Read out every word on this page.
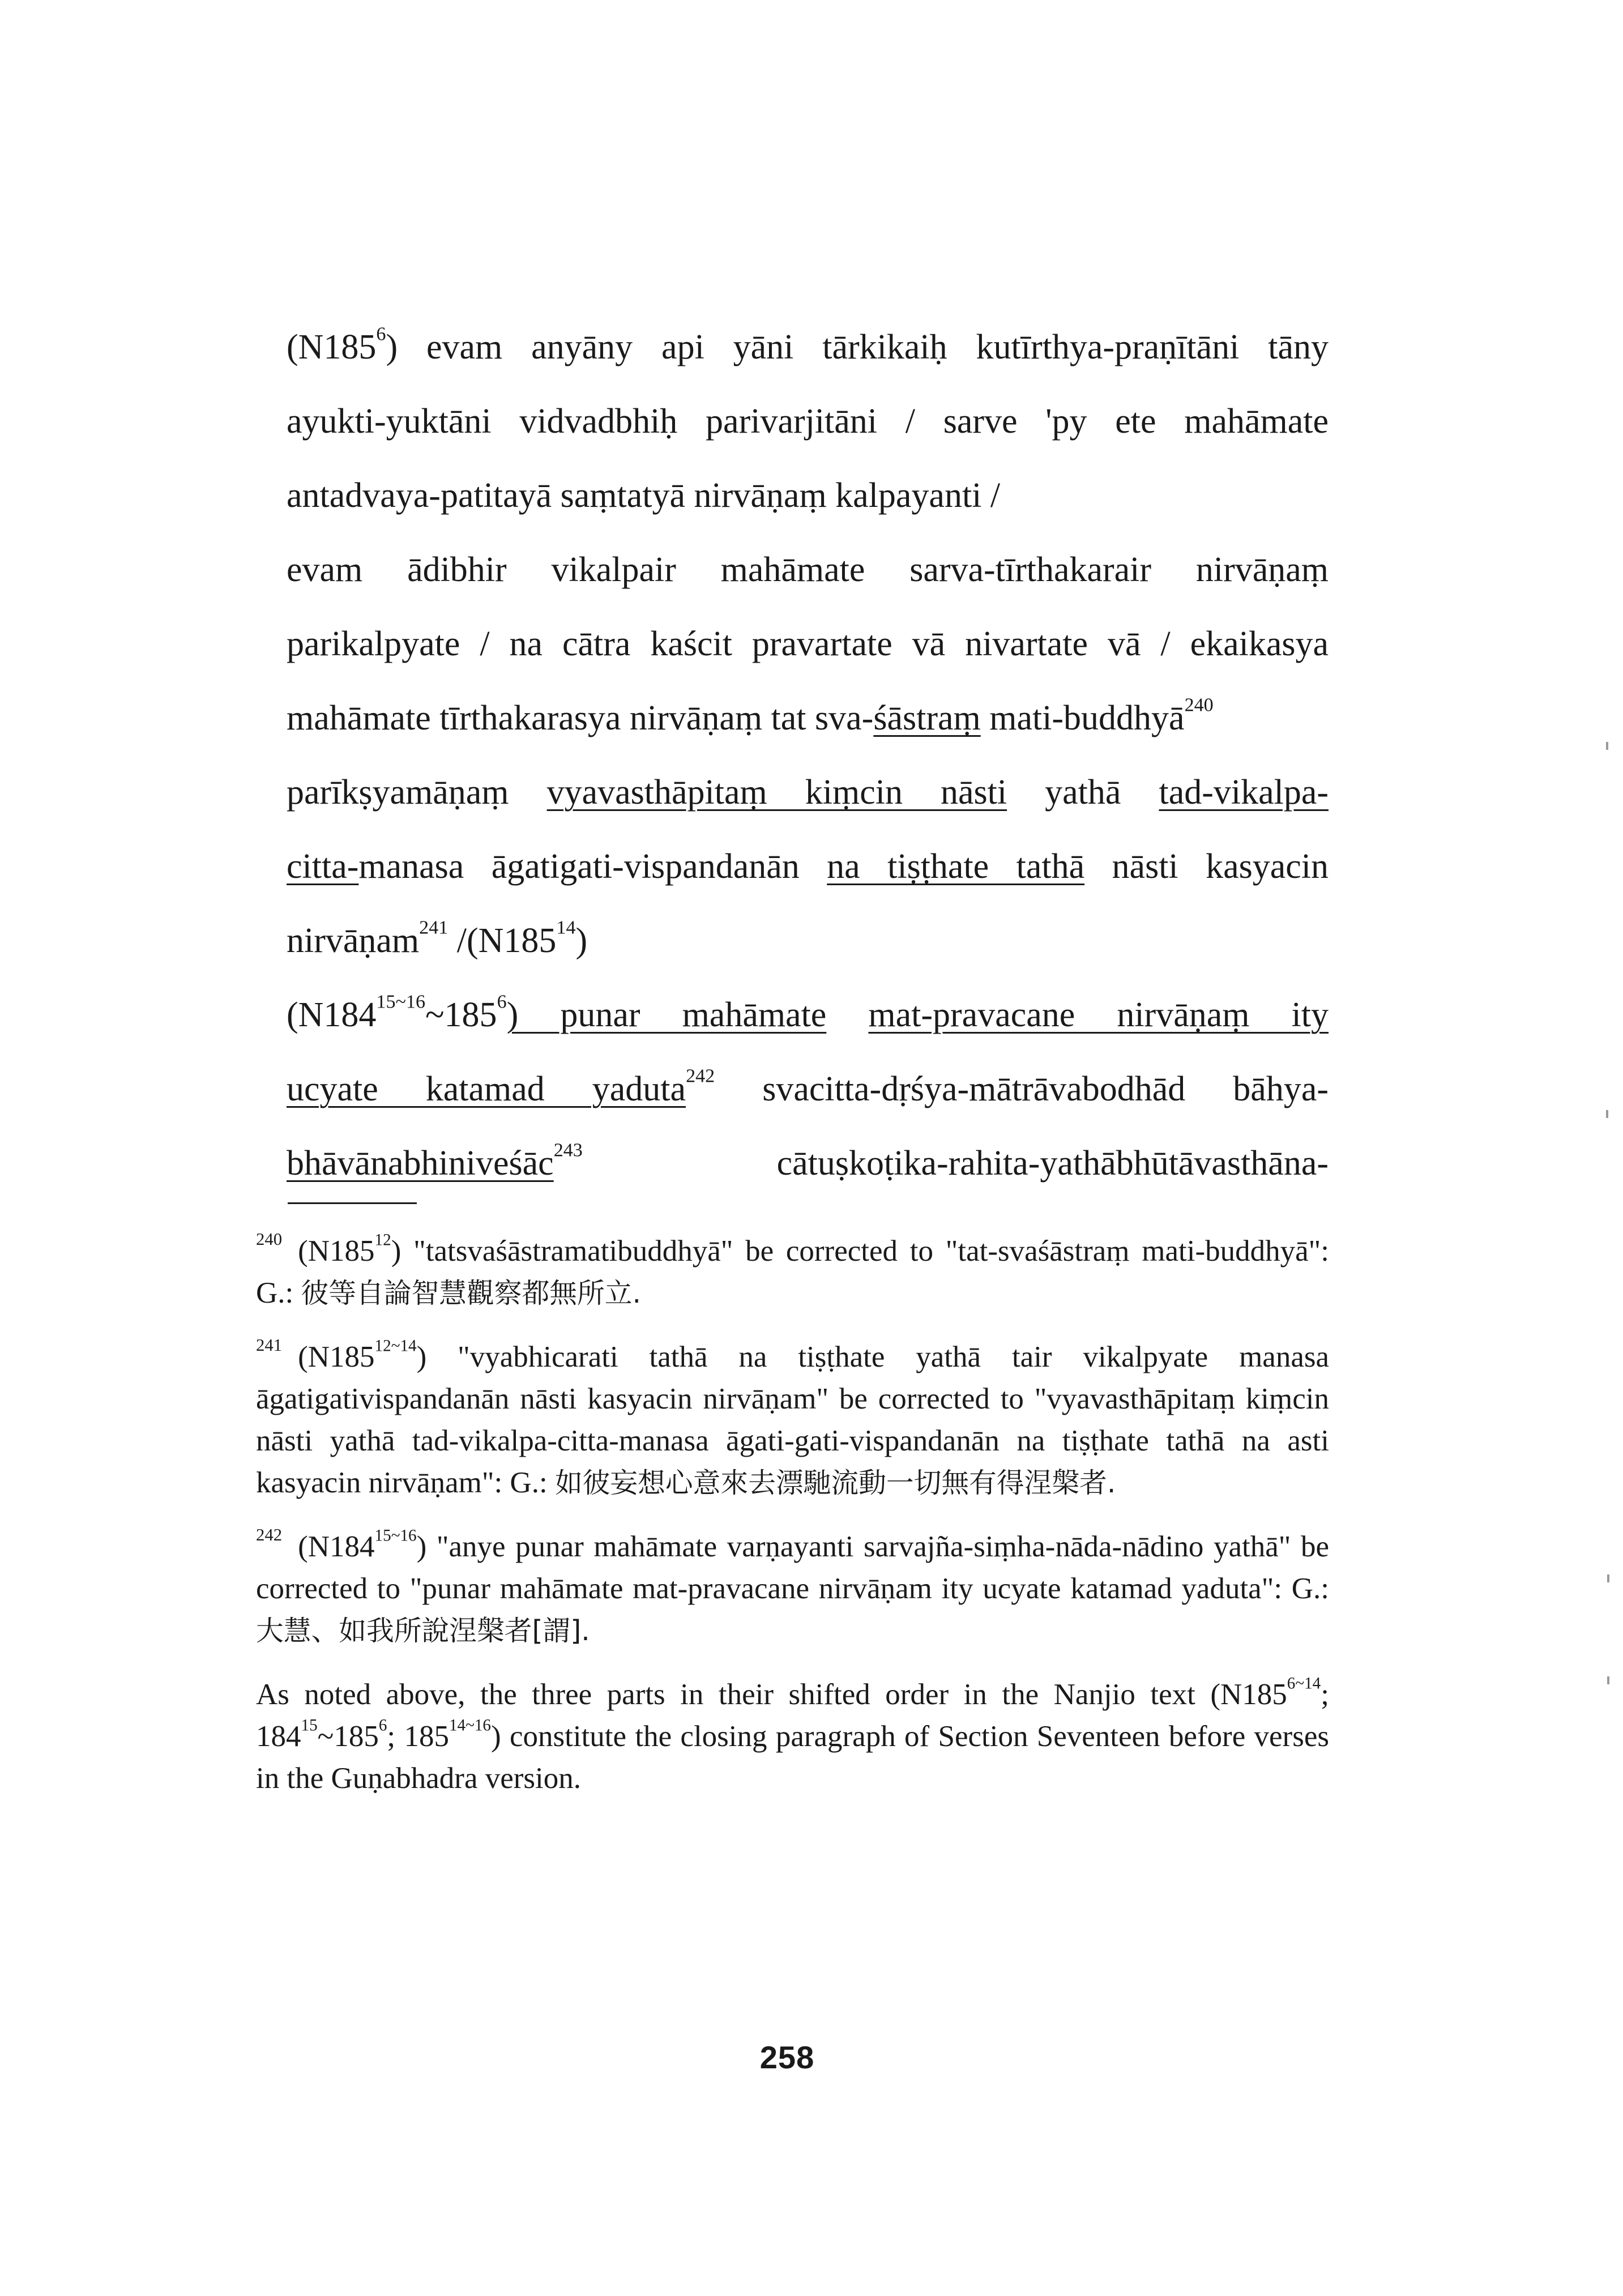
$(N185^6)$ evam anyāny api yāni tārkikaiḥ kutīrthya-praṇītāni tāny
ayukti-yuktāni vidvadbhiḥ parivarjitāni / sarve 'py ete mahāmate
antadvaya-patitayā saṃtatyā nirvāṇaṃ kalpayanti /
evam ādibhir vikalpair mahāmate sarva-tīrthakarair nirvāṇaṃ
parikalpyate / na cātra kaścit pravartate vā nivartate vā / ekaikasya
mahāmate tīrthakarasya nirvāṇaṃ tat sva-śāstraṃ mati-buddhyā$^{240}$
parīkṣyamāṇaṃ vyavasthāpitaṃ kiṃcin nāsti yathā tad-vikalpa-
citta-manasa āgatigati-vispandanān na tiṣṭhate tathā nāsti kasyacin
nirvāṇam$^{241}$ $/(N185^{14})$
$(N184^{15\sim 16}\sim 185^6)$ punar mahāmate mat-pravacane nirvāṇaṃ ity
ucyate katamad yaduta$^{242}$ svacitta-dṛśya-mātrāvabodhād bāhya-
bhāvānabhiniveśāc$^{243}$ cātuṣkoṭika-rahita-yathābhūtāvasthāna-

$^{240}$ $(N185^{12})$ "tatsvaśāstramatibuddhyā" be corrected to "tat-svaśāstraṃ mati-buddhyā": G.: 彼等自論智慧觀察都無所立.

$^{241}$ $(N185^{12\sim 14})$ "vyabhicarati tathā na tiṣṭhate yathā tair vikalpyate manasa āgatigativispandanān nāsti kasyacin nirvāṇam" be corrected to "vyavasthāpitaṃ kiṃcin nāsti yathā tad-vikalpa-citta-manasa āgati-gati-vispandanān na tiṣṭhate tathā na asti kasyacin nirvāṇam": G.: 如彼妄想心意來去漂馳流動一切無有得涅槃者.

$^{242}$ $(N184^{15\sim 16})$ "anye punar mahāmate varṇayanti sarvajña-siṃha-nāda-nādino yathā" be corrected to "punar mahāmate mat-pravacane nirvāṇam ity ucyate katamad yaduta": G.: 大慧、如我所說涅槃者[謂].

As noted above, the three parts in their shifted order in the Nanjio text ($N185^{6\sim 14}$; $184^{15}\sim 185^6$; $185^{14\sim 16}$) constitute the closing paragraph of Section Seventeen before verses in the Guṇabhadra version.

258
